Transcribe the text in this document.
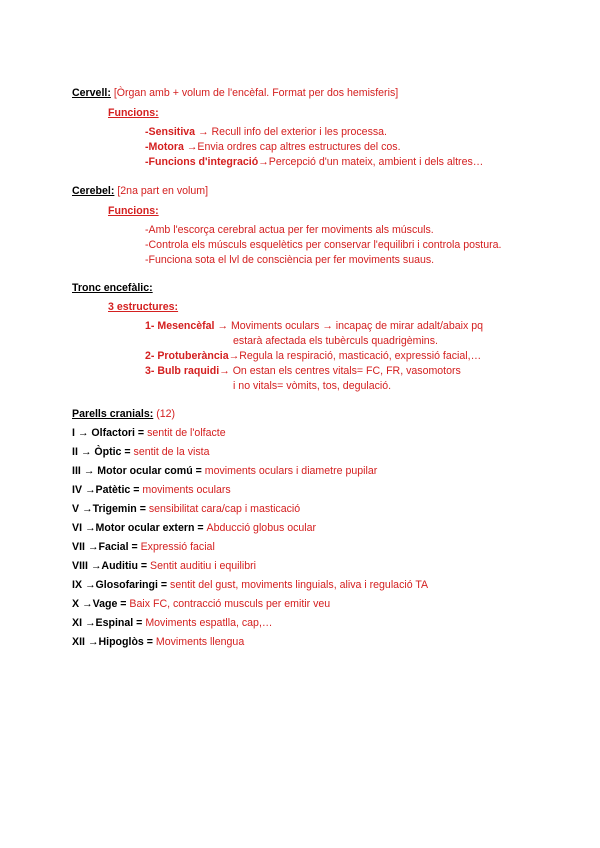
Cervell: [Òrgan amb + volum de l'encèfal. Format per dos hemisferis]
Funcions:
-Sensitiva → Recull info del exterior i les processa.
-Motora →Envia ordres cap altres estructures del cos.
-Funcions d'integració→Percepció d'un mateix, ambient i dels altres…
Cerebel: [2na part en volum]
Funcions:
-Amb l'escorça cerebral actua per fer moviments als músculs.
-Controla els músculs esquelètics per conservar l'equilibri i controla postura.
-Funciona sota el lvl de consciència per fer moviments suaus.
Tronc encefàlic:
3 estructures:
1- Mesencèfal → Moviments oculars → incapaç de mirar adalt/abaix pq
estarà afectada els tubèrculs quadrigèmins.
2- Protuberància→Regula la respiració, masticació, expressió facial,…
3- Bulb raquidi→ On estan els centres vitals= FC, FR, vasomotors
i no vitals= vòmits, tos, degulació.
Parells cranials: (12)
I → Olfactori = sentit de l'olfacte
II → Òptic = sentit de la vista
III → Motor ocular comú = moviments oculars i diametre pupilar
IV →Patètic = moviments oculars
V →Trigemin = sensibilitat cara/cap i masticació
VI →Motor ocular extern = Abducció globus ocular
VII →Facial = Expressió facial
VIII →Auditiu = Sentit auditiu i equilibri
IX →Glosofaringi = sentit del gust, moviments linguials, aliva i regulació TA
X →Vage = Baix FC, contracció musculs per emitir veu
XI →Espinal = Moviments espatlla, cap,…
XII →Hipoglòs = Moviments llengua
